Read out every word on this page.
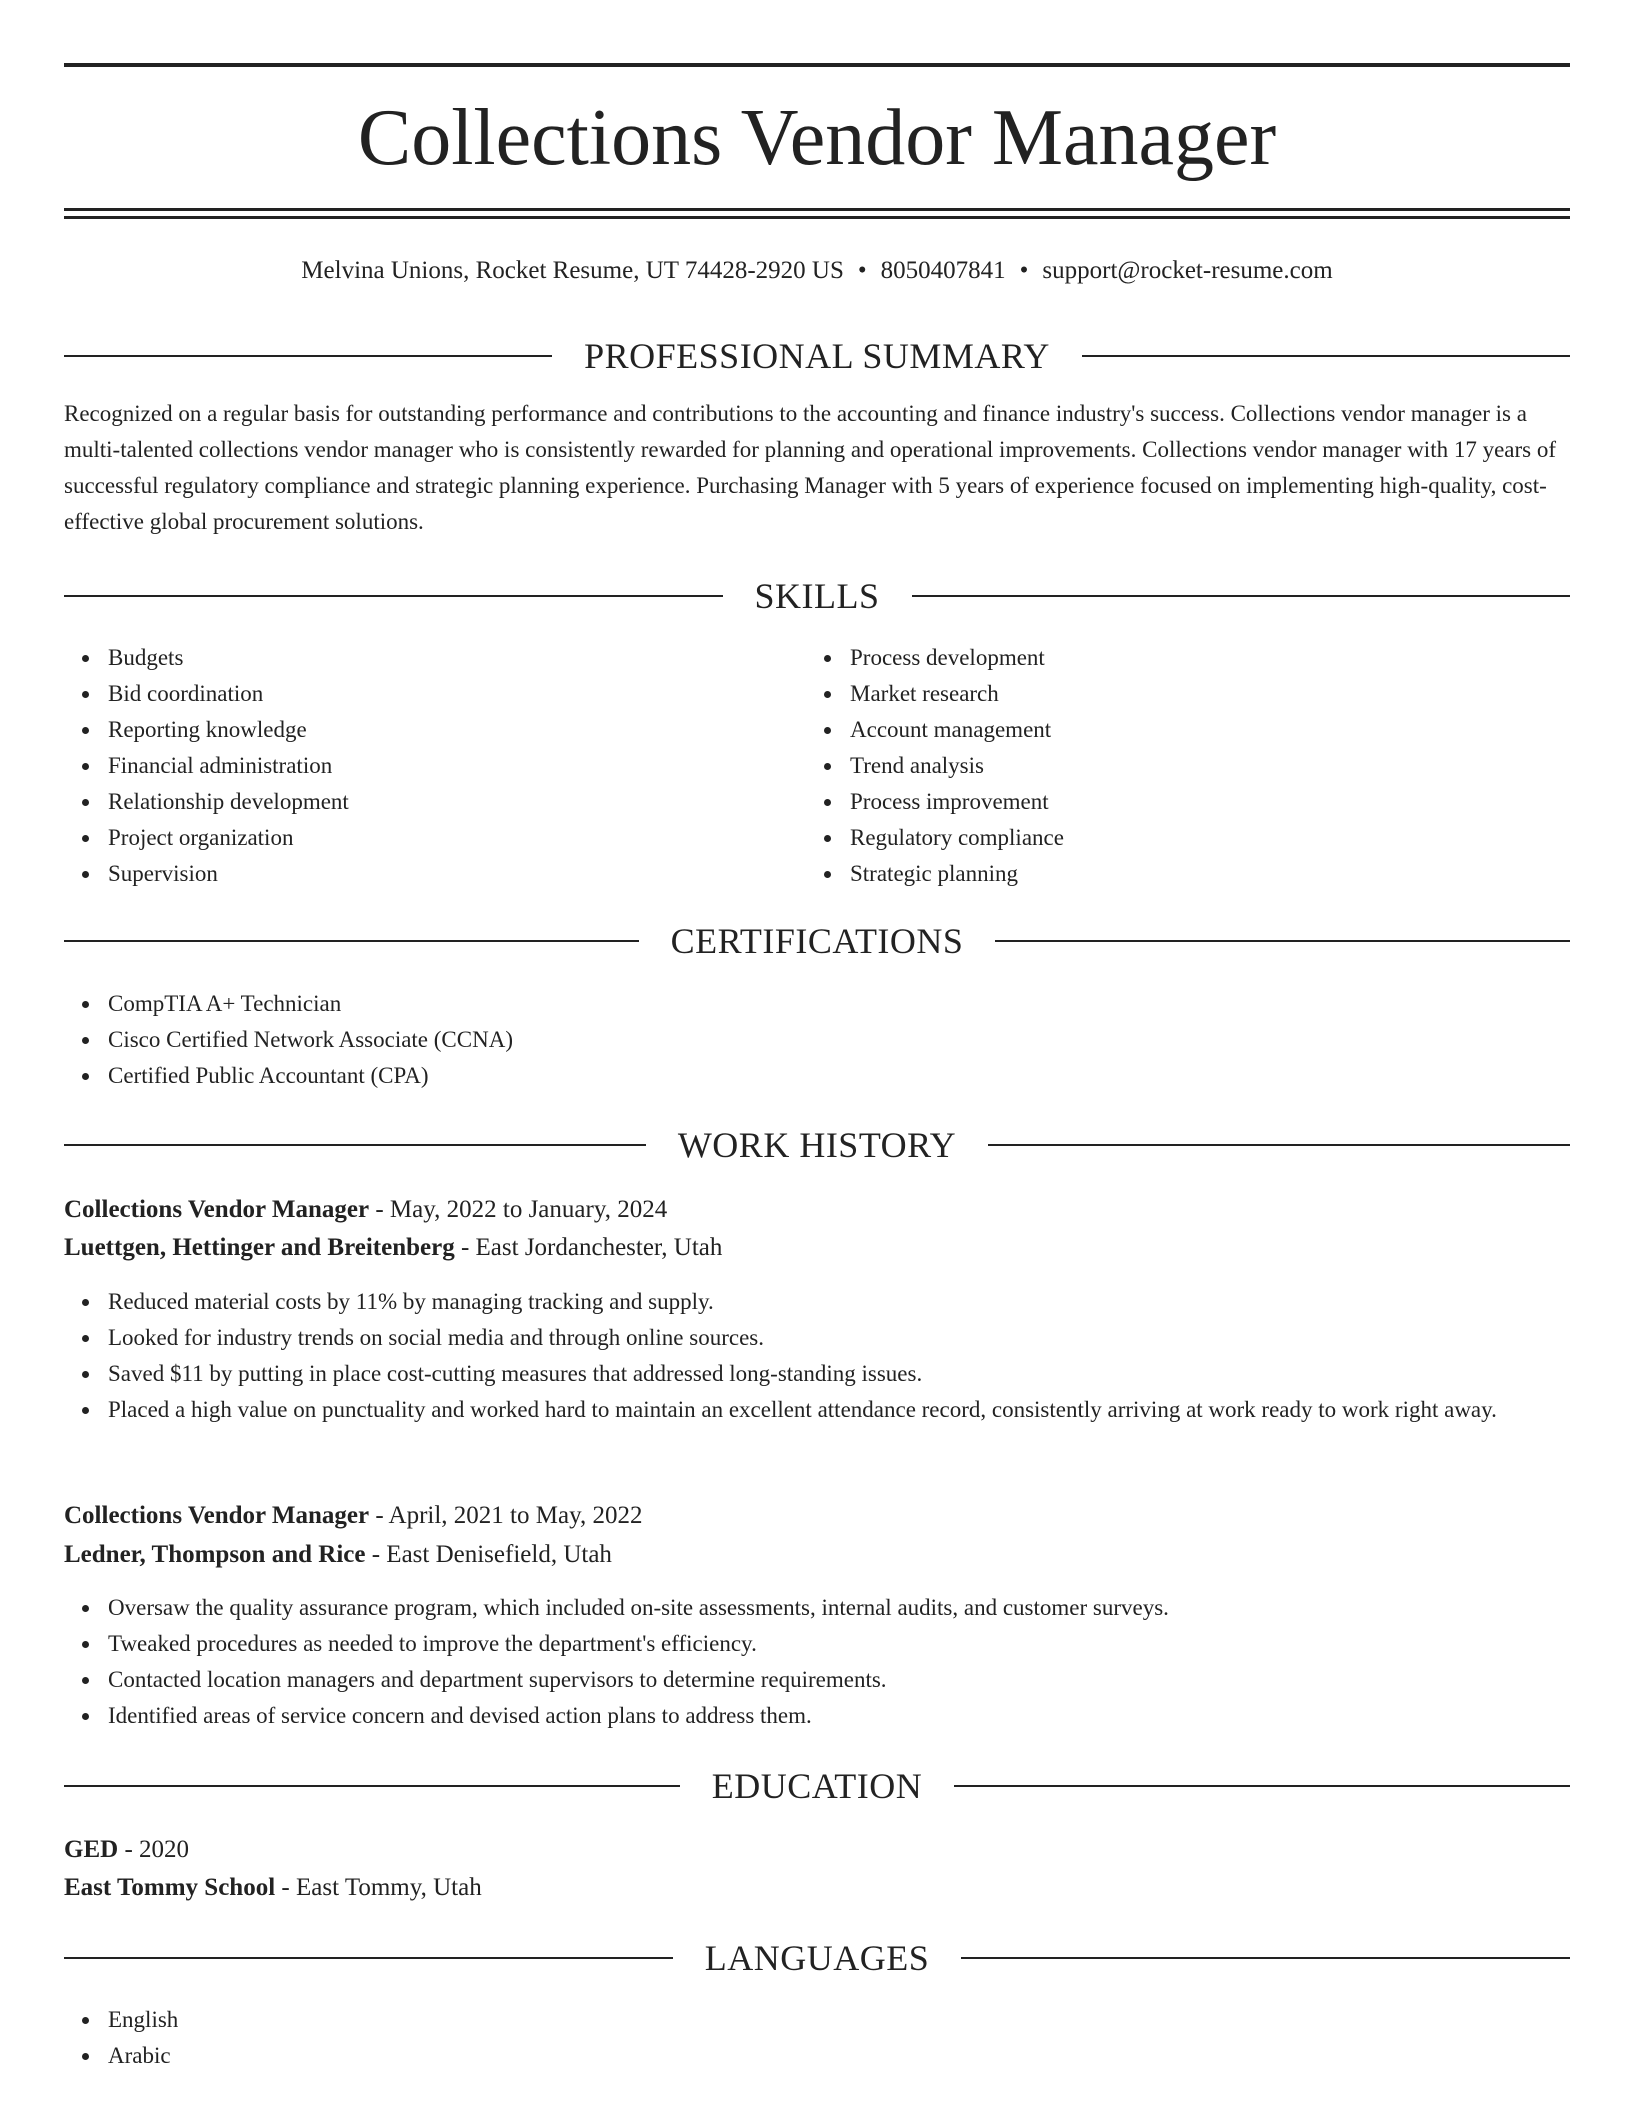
Collections Vendor Manager
Melvina Unions, Rocket Resume, UT 74428-2920 US • 8050407841 • support@rocket-resume.com
PROFESSIONAL SUMMARY

Recognized on a regular basis for outstanding performance and contributions to the accounting and finance industry's success. Collections vendor manager is a multi-talented collections vendor manager who is consistently rewarded for planning and operational improvements. Collections vendor manager with 17 years of successful regulatory compliance and strategic planning experience. Purchasing Manager with 5 years of experience focused on implementing high-quality, cost-effective global procurement solutions.

SKILLS
Budgets
Bid coordination
Reporting knowledge
Financial administration
Relationship development
Project organization
Supervision
Process development
Market research
Account management
Trend analysis
Process improvement
Regulatory compliance
Strategic planning
CERTIFICATIONS
CompTIA A+ Technician
Cisco Certified Network Associate (CCNA)
Certified Public Accountant (CPA)
WORK HISTORY
Collections Vendor Manager - May, 2022 to January, 2024
Luettgen, Hettinger and Breitenberg - East Jordanchester, Utah
Reduced material costs by 11% by managing tracking and supply.
Looked for industry trends on social media and through online sources.
Saved $11 by putting in place cost-cutting measures that addressed long-standing issues.
Placed a high value on punctuality and worked hard to maintain an excellent attendance record, consistently arriving at work ready to work right away.
Collections Vendor Manager - April, 2021 to May, 2022
Ledner, Thompson and Rice - East Denisefield, Utah
Oversaw the quality assurance program, which included on-site assessments, internal audits, and customer surveys.
Tweaked procedures as needed to improve the department's efficiency.
Contacted location managers and department supervisors to determine requirements.
Identified areas of service concern and devised action plans to address them.
EDUCATION
GED - 2020
East Tommy School - East Tommy, Utah
LANGUAGES
English
Arabic
